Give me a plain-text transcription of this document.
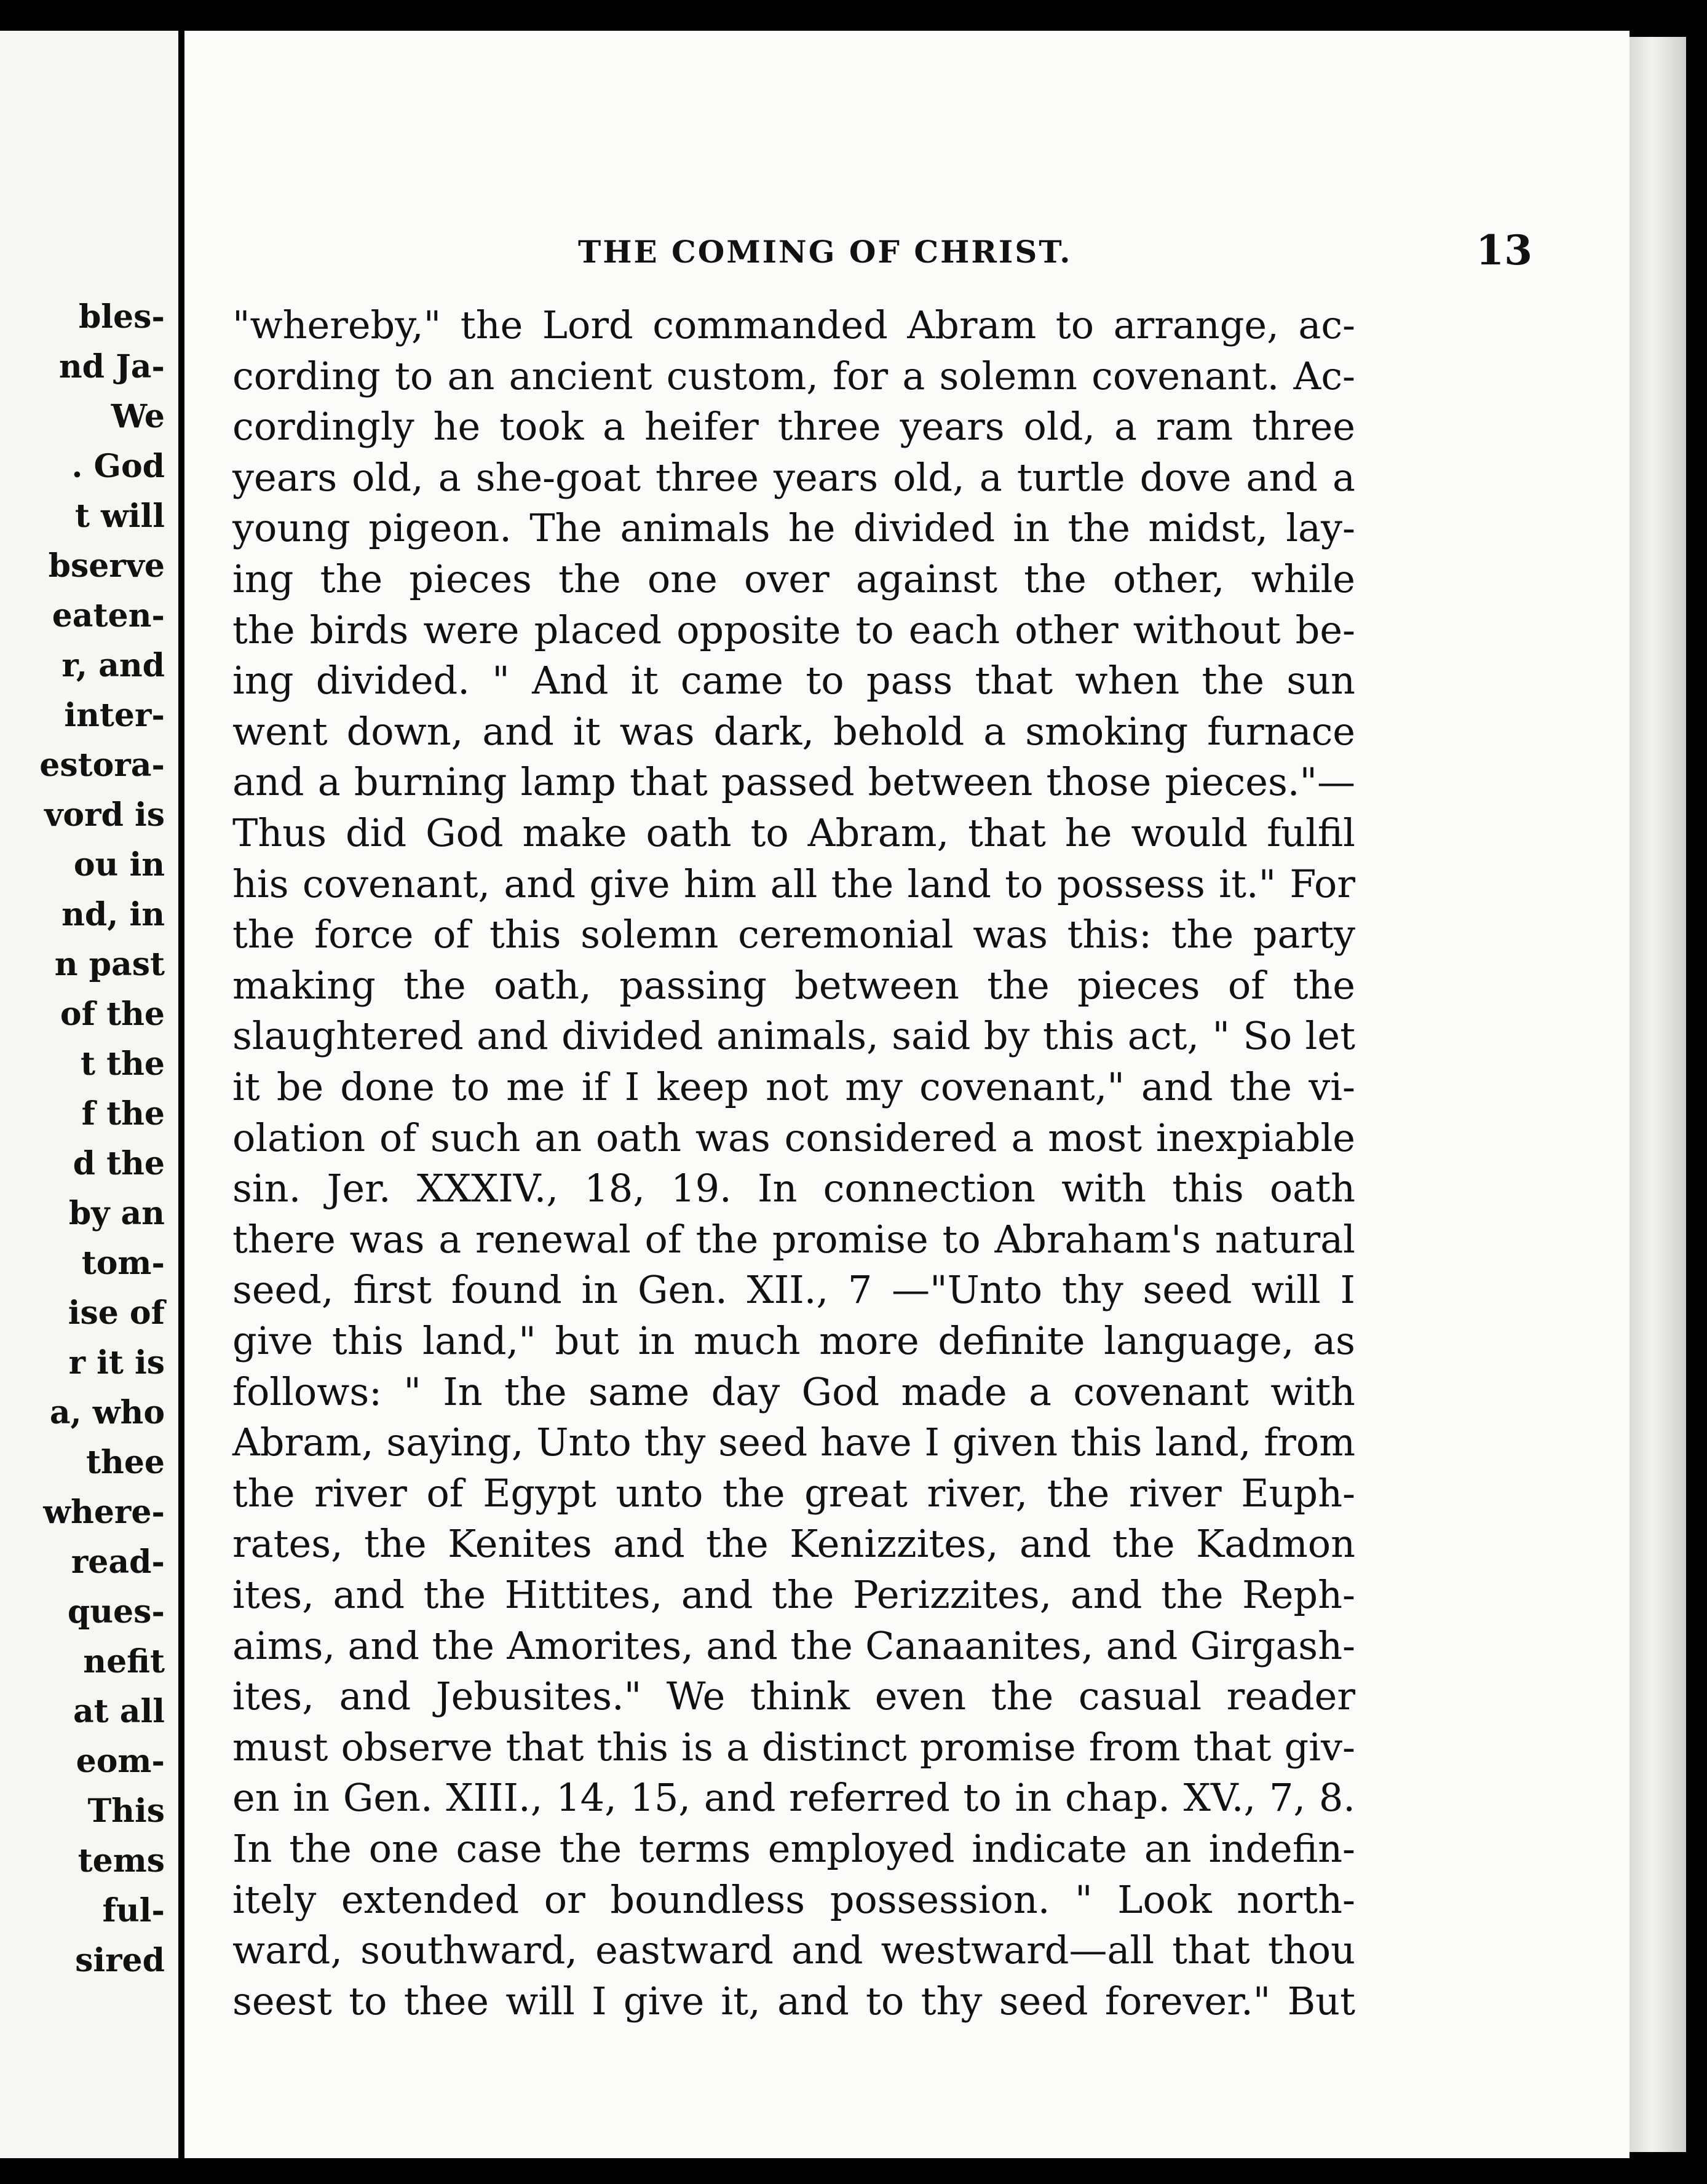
bles-
nd Ja-
We
. God
t will
bserve
eaten-
r, and
inter-
estora-
vord is
ou in
nd, in
n past
of the
t the
f the
d the
by an
tom-
ise of
r it is
a, who
thee
where-
read-
ques-
nefit
at all
eom-
This
tems
ful-
sired
THE COMING OF CHRIST.	13
"whereby," the Lord commanded Abram to arrange, ac-
cording to an ancient custom, for a solemn covenant. Ac-
cordingly he took a heifer three years old, a ram three
years old, a she-goat three years old, a turtle dove and a
young pigeon. The animals he divided in the midst, lay-
ing the pieces the one over against the other, while
the birds were placed opposite to each other without be-
ing divided. " And it came to pass that when the sun
went down, and it was dark, behold a smoking furnace
and a burning lamp that passed between those pieces."—
Thus did God make oath to Abram, that he would fulfil
his covenant, and give him all the land to possess it." For
the force of this solemn ceremonial was this: the party
making the oath, passing between the pieces of the
slaughtered and divided animals, said by this act, " So let
it be done to me if I keep not my covenant," and the vi-
olation of such an oath was considered a most inexpiable
sin. Jer. XXXIV., 18, 19. In connection with this oath
there was a renewal of the promise to Abraham's natural
seed, first found in Gen. XII., 7 —"Unto thy seed will I
give this land," but in much more definite language, as
follows: " In the same day God made a covenant with
Abram, saying, Unto thy seed have I given this land, from
the river of Egypt unto the great river, the river Euph-
rates, the Kenites and the Kenizzites, and the Kadmon
ites, and the Hittites, and the Perizzites, and the Reph-
aims, and the Amorites, and the Canaanites, and Girgash-
ites, and Jebusites." We think even the casual reader
must observe that this is a distinct promise from that giv-
en in Gen. XIII., 14, 15, and referred to in chap. XV., 7, 8.
In the one case the terms employed indicate an indefin-
itely extended or boundless possession. " Look north-
ward, southward, eastward and westward—all that thou
seest to thee will I give it, and to thy seed forever." But
